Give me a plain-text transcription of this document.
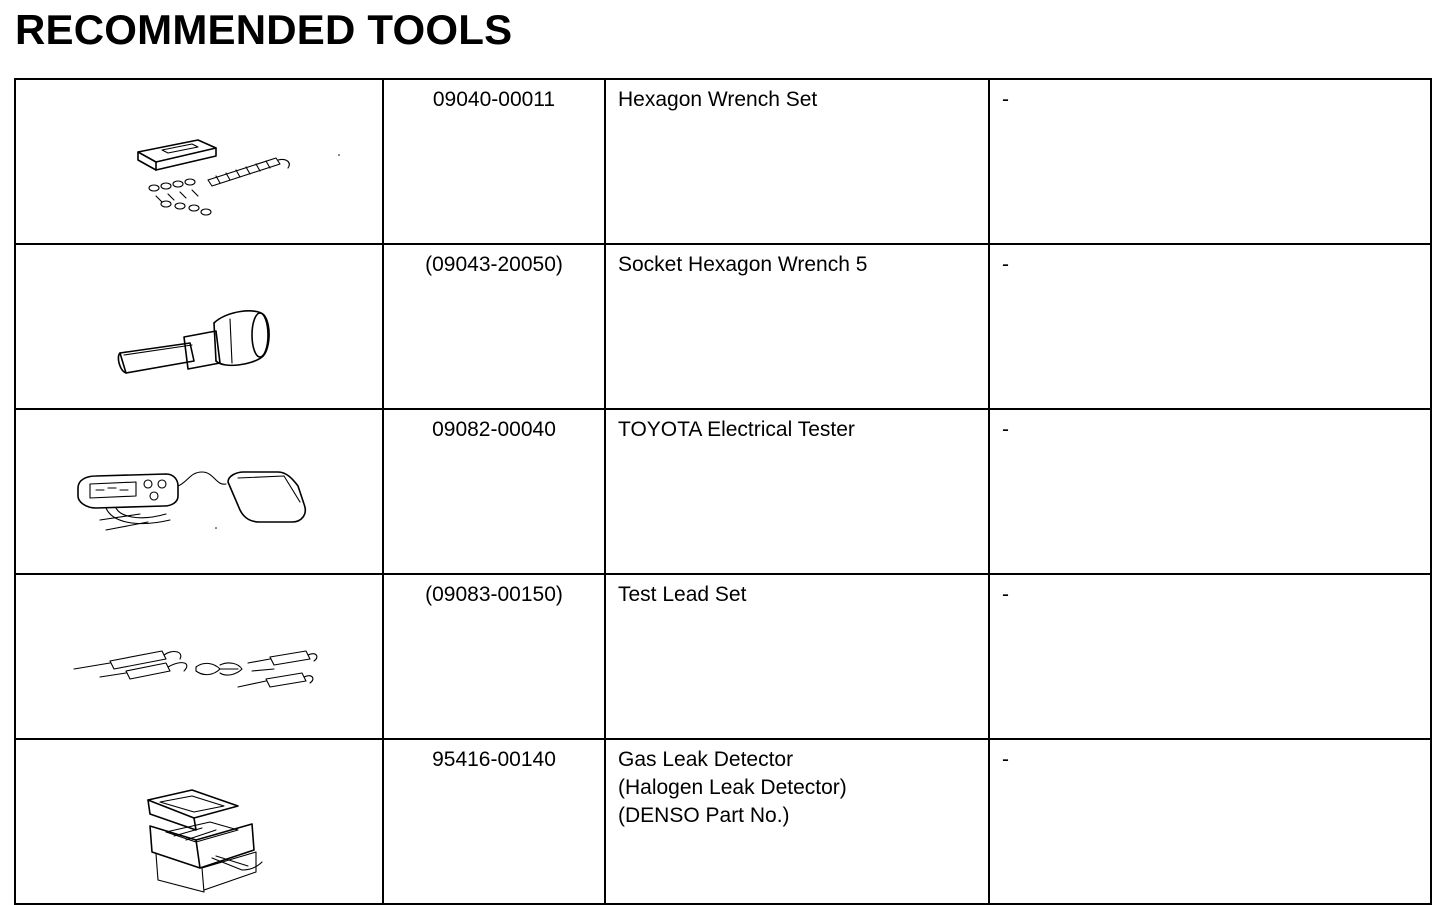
RECOMMENDED TOOLS
	09040-00011	Hexagon Wrench Set	-

	(09043-20050)	Socket Hexagon Wrench 5	-

	09082-00040	TOYOTA Electrical Tester	-

	(09083-00150)	Test Lead Set	-

	95416-00140	Gas Leak Detector
(Halogen Leak Detector)
(DENSO Part No.)	-
